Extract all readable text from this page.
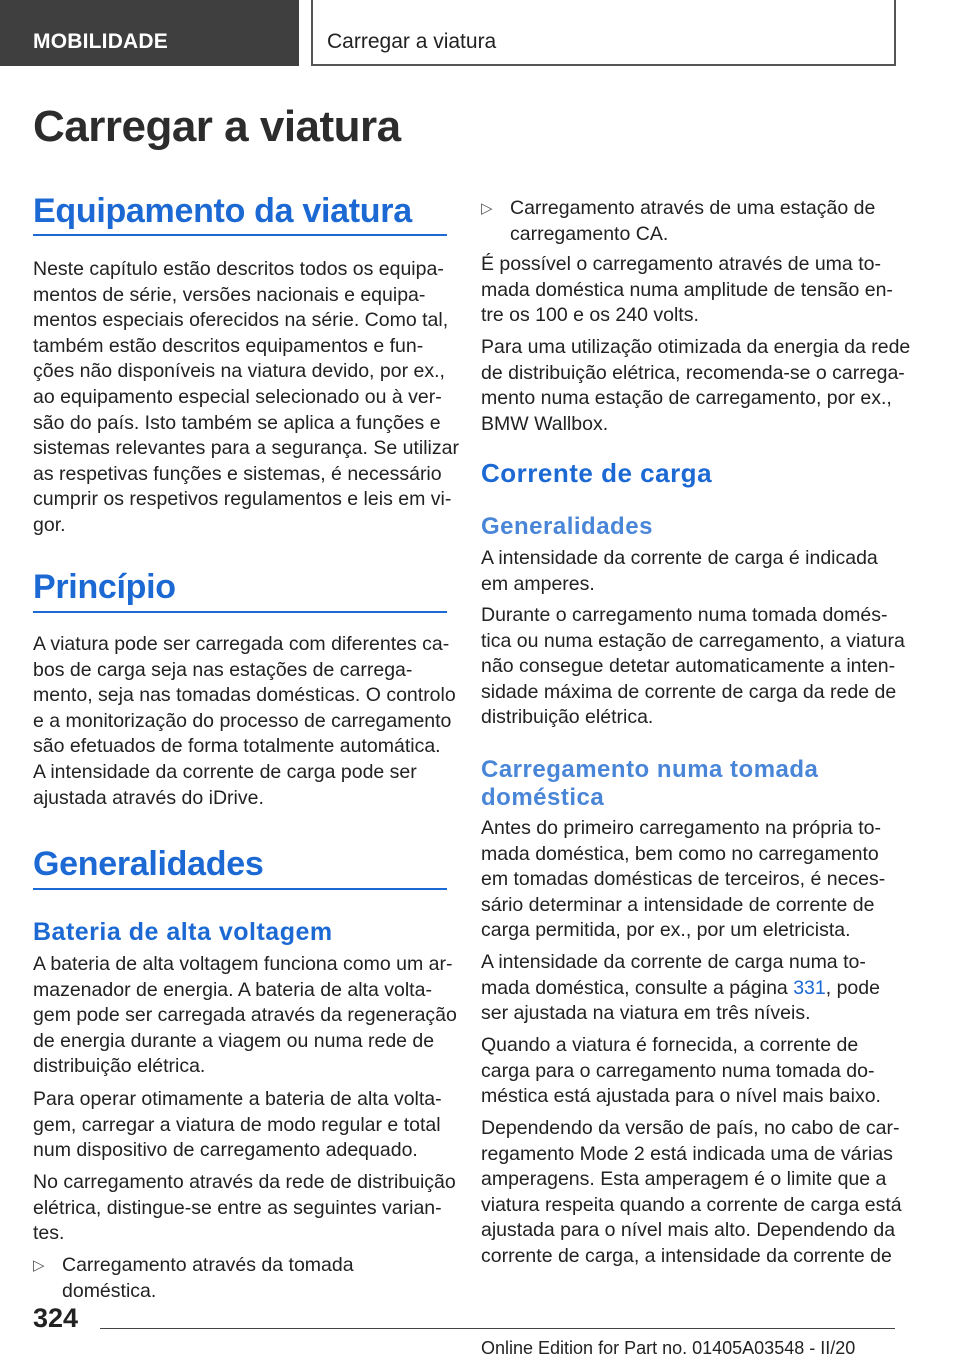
MOBILIDADE	Carregar a viatura
Carregar a viatura
Equipamento da viatura
Neste capítulo estão descritos todos os equipa-
mentos de série, versões nacionais e equipa-
mentos especiais oferecidos na série. Como tal,
também estão descritos equipamentos e fun-
ções não disponíveis na viatura devido, por ex.,
ao equipamento especial selecionado ou à ver-
são do país. Isto também se aplica a funções e
sistemas relevantes para a segurança. Se utilizar
as respetivas funções e sistemas, é necessário
cumprir os respetivos regulamentos e leis em vi-
gor.
Princípio
A viatura pode ser carregada com diferentes ca-
bos de carga seja nas estações de carrega-
mento, seja nas tomadas domésticas. O controlo
e a monitorização do processo de carregamento
são efetuados de forma totalmente automática.
A intensidade da corrente de carga pode ser
ajustada através do iDrive.
Generalidades
Bateria de alta voltagem
A bateria de alta voltagem funciona como um ar-
mazenador de energia. A bateria de alta volta-
gem pode ser carregada através da regeneração
de energia durante a viagem ou numa rede de
distribuição elétrica.
Para operar otimamente a bateria de alta volta-
gem, carregar a viatura de modo regular e total
num dispositivo de carregamento adequado.
No carregamento através da rede de distribuição
elétrica, distingue-se entre as seguintes varian-
tes.
▷ Carregamento através da tomada doméstica.
▷ Carregamento através de uma estação de
carregamento CA.
É possível o carregamento através de uma to-
mada doméstica numa amplitude de tensão en-
tre os 100 e os 240 volts.
Para uma utilização otimizada da energia da rede
de distribuição elétrica, recomenda-se o carrega-
mento numa estação de carregamento, por ex.,
BMW Wallbox.
Corrente de carga
Generalidades
A intensidade da corrente de carga é indicada
em amperes.
Durante o carregamento numa tomada domés-
tica ou numa estação de carregamento, a viatura
não consegue detetar automaticamente a inten-
sidade máxima de corrente de carga da rede de
distribuição elétrica.
Carregamento numa tomada
doméstica
Antes do primeiro carregamento na própria to-
mada doméstica, bem como no carregamento
em tomadas domésticas de terceiros, é neces-
sário determinar a intensidade de corrente de
carga permitida, por ex., por um eletricista.
A intensidade da corrente de carga numa to-
mada doméstica, consulte a página 331, pode
ser ajustada na viatura em três níveis.
Quando a viatura é fornecida, a corrente de
carga para o carregamento numa tomada do-
méstica está ajustada para o nível mais baixo.
Dependendo da versão de país, no cabo de car-
regamento Mode 2 está indicada uma de várias
amperagens. Esta amperagem é o limite que a
viatura respeita quando a corrente de carga está
ajustada para o nível mais alto. Dependendo da
corrente de carga, a intensidade da corrente de
324
Online Edition for Part no. 01405A03548 - II/20
